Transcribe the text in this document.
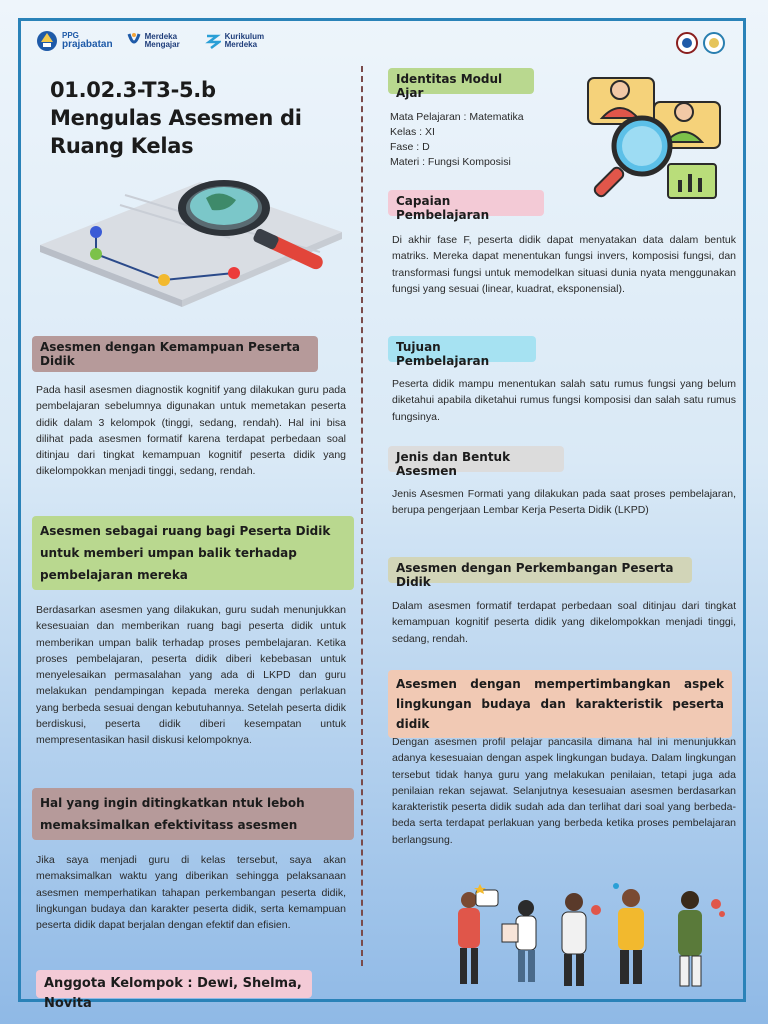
PPG
prajabatan
Merdeka Mengajar
Kurikulum Merdeka
01.02.3-T3-5.b
Mengulas Asesmen di Ruang Kelas
Asesmen dengan Kemampuan Peserta Didik

Pada hasil asesmen diagnostik kognitif yang dilakukan guru pada pembelajaran sebelumnya digunakan untuk memetakan peserta didik dalam 3 kelompok (tinggi, sedang, rendah). Hal ini bisa dilihat pada asesmen formatif karena terdapat perbedaan soal ditinjau dari tingkat kemampuan kognitif peserta didik yang dikelompokkan menjadi tinggi, sedang, rendah.

Asesmen sebagai ruang bagi Peserta Didik untuk memberi umpan balik terhadap pembelajaran mereka

Berdasarkan asesmen yang dilakukan, guru sudah menunjukkan kesesuaian dan memberikan ruang bagi peserta didik untuk memberikan umpan balik terhadap proses pembelajaran. Ketika proses pembelajaran, peserta didik diberi kebebasan untuk menyelesaikan permasalahan yang ada di LKPD dan guru melakukan pendampingan kepada mereka dengan perlakuan yang berbeda sesuai dengan kebutuhannya. Setelah peserta didik berdiskusi, peserta didik diberi kesempatan untuk mempresentasikan hasil diskusi kelompoknya.

Hal yang ingin ditingkatkan ntuk leboh memaksimalkan efektivitass asesmen

Jika saya menjadi guru di kelas tersebut, saya akan memaksimalkan waktu yang diberikan sehingga pelaksanaan asesmen memperhatikan tahapan perkembangan peserta didik, lingkungan budaya dan karakter peserta didik, serta kemampuan peserta didik dapat berjalan dengan efektif dan efisien.

Anggota Kelompok : Dewi, Shelma, Novita
Identitas Modul Ajar
Mata Pelajaran : Matematika
Kelas : XI
Fase : D
Materi : Fungsi Komposisi
Capaian Pembelajaran

Di akhir fase F, peserta didik dapat menyatakan data dalam bentuk matriks. Mereka dapat menentukan fungsi invers, komposisi fungsi, dan transformasi fungsi untuk memodelkan situasi dunia nyata menggunakan fungsi yang sesuai (linear, kuadrat, eksponensial).

Tujuan Pembelajaran

Peserta didik mampu menentukan salah satu rumus fungsi yang belum diketahui apabila diketahui rumus fungsi komposisi dan salah satu rumus fungsinya.

Jenis dan Bentuk Asesmen

Jenis Asesmen Formati yang dilakukan pada saat proses pembelajaran, berupa pengerjaan Lembar Kerja Peserta Didik (LKPD)

Asesmen dengan Perkembangan Peserta Didik

Dalam asesmen formatif terdapat perbedaan soal ditinjau dari tingkat kemampuan kognitif peserta didik yang dikelompokkan menjadi tinggi, sedang, rendah.

Asesmen dengan mempertimbangkan aspek lingkungan budaya dan karakteristik peserta didik

Dengan asesmen profil pelajar pancasila dimana hal ini menunjukkan adanya kesesuaian dengan aspek lingkungan budaya. Dalam lingkungan tersebut tidak hanya guru yang melakukan penilaian, tetapi juga ada penilaian rekan sejawat. Selanjutnya kesesuaian asesmen berdasarkan karakteristik peserta didik sudah ada dan terlihat dari soal yang berbeda-beda serta terdapat perlakuan yang berbeda ketika proses pembelajaran berlangsung.
